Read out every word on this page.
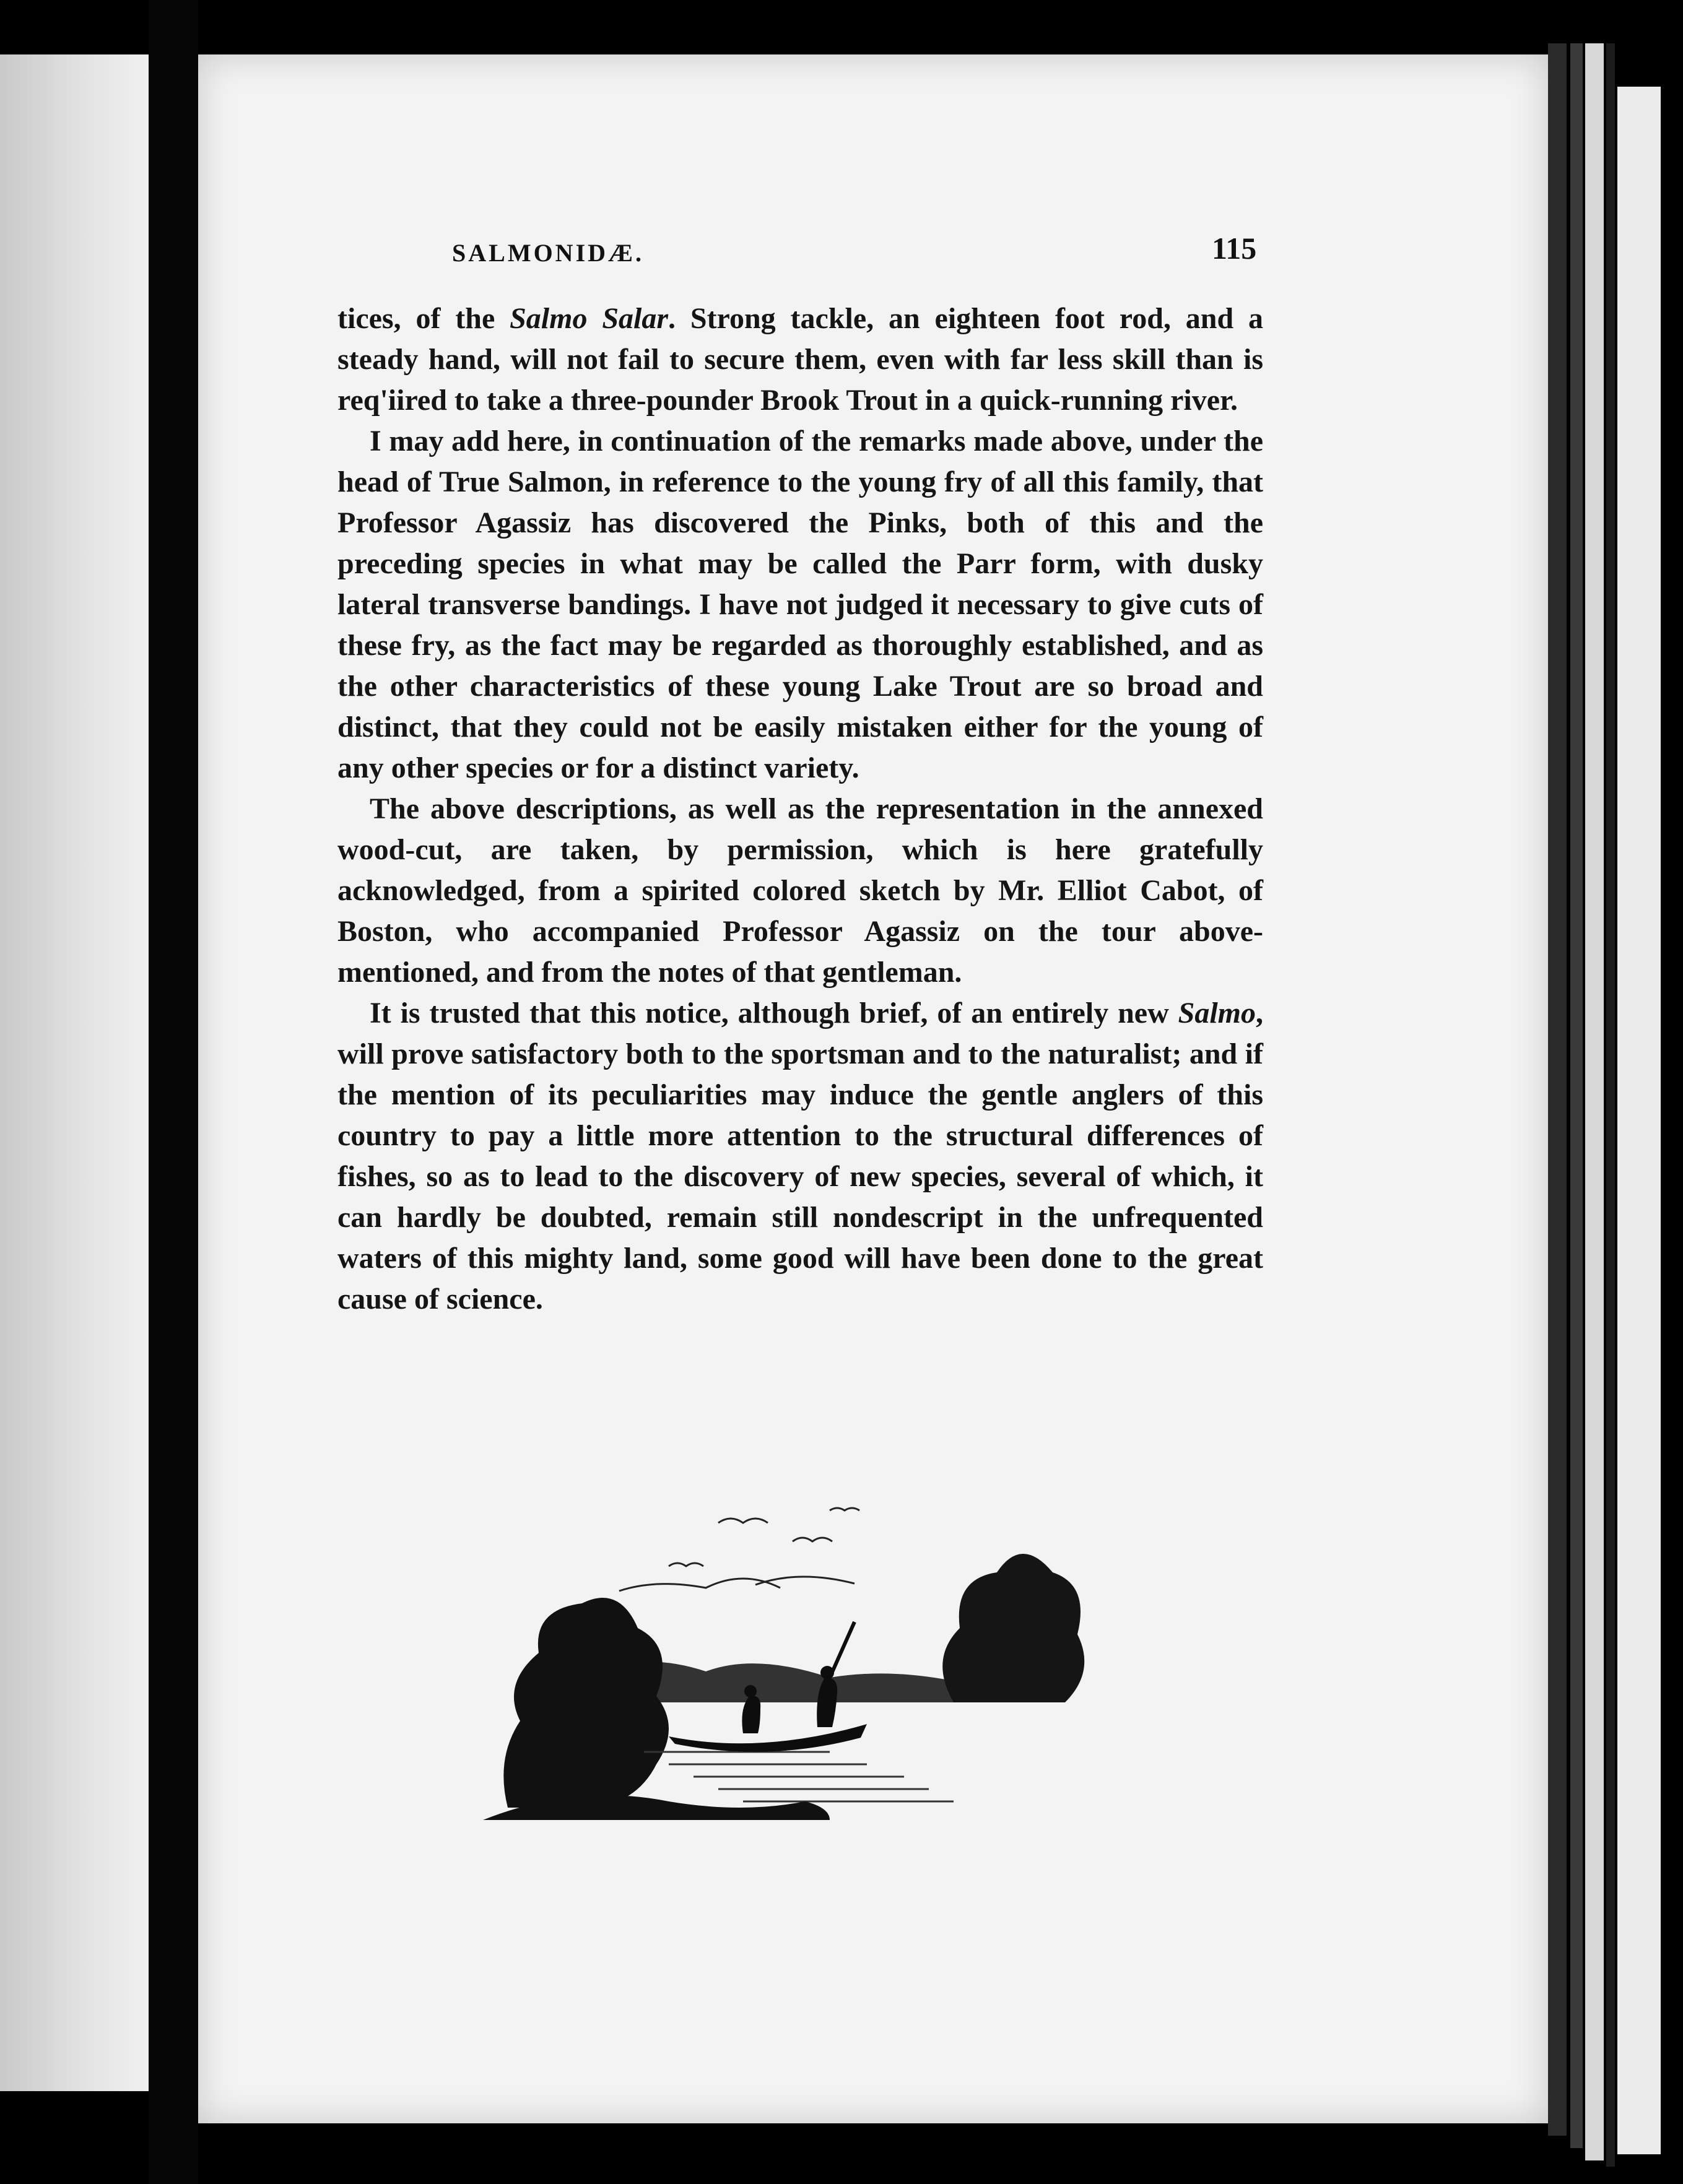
SALMONIDÆ.	115

tices, of the Salmo Salar. Strong tackle, an eighteen foot rod, and a steady hand, will not fail to secure them, even with far less skill than is req'iired to take a three-pounder Brook Trout in a quick-running river.

I may add here, in continuation of the remarks made above, under the head of True Salmon, in reference to the young fry of all this family, that Professor Agassiz has discovered the Pinks, both of this and the preceding species in what may be called the Parr form, with dusky lateral transverse bandings. I have not judged it necessary to give cuts of these fry, as the fact may be regarded as thoroughly established, and as the other characteristics of these young Lake Trout are so broad and distinct, that they could not be easily mistaken either for the young of any other species or for a distinct variety.

The above descriptions, as well as the representation in the annexed wood-cut, are taken, by permission, which is here gratefully acknowledged, from a spirited colored sketch by Mr. Elliot Cabot, of Boston, who accompanied Professor Agassiz on the tour above-mentioned, and from the notes of that gentleman.

It is trusted that this notice, although brief, of an entirely new Salmo, will prove satisfactory both to the sportsman and to the naturalist; and if the mention of its peculiarities may induce the gentle anglers of this country to pay a little more attention to the structural differences of fishes, so as to lead to the discovery of new species, several of which, it can hardly be doubted, remain still nondescript in the unfrequented waters of this mighty land, some good will have been done to the great cause of science.
